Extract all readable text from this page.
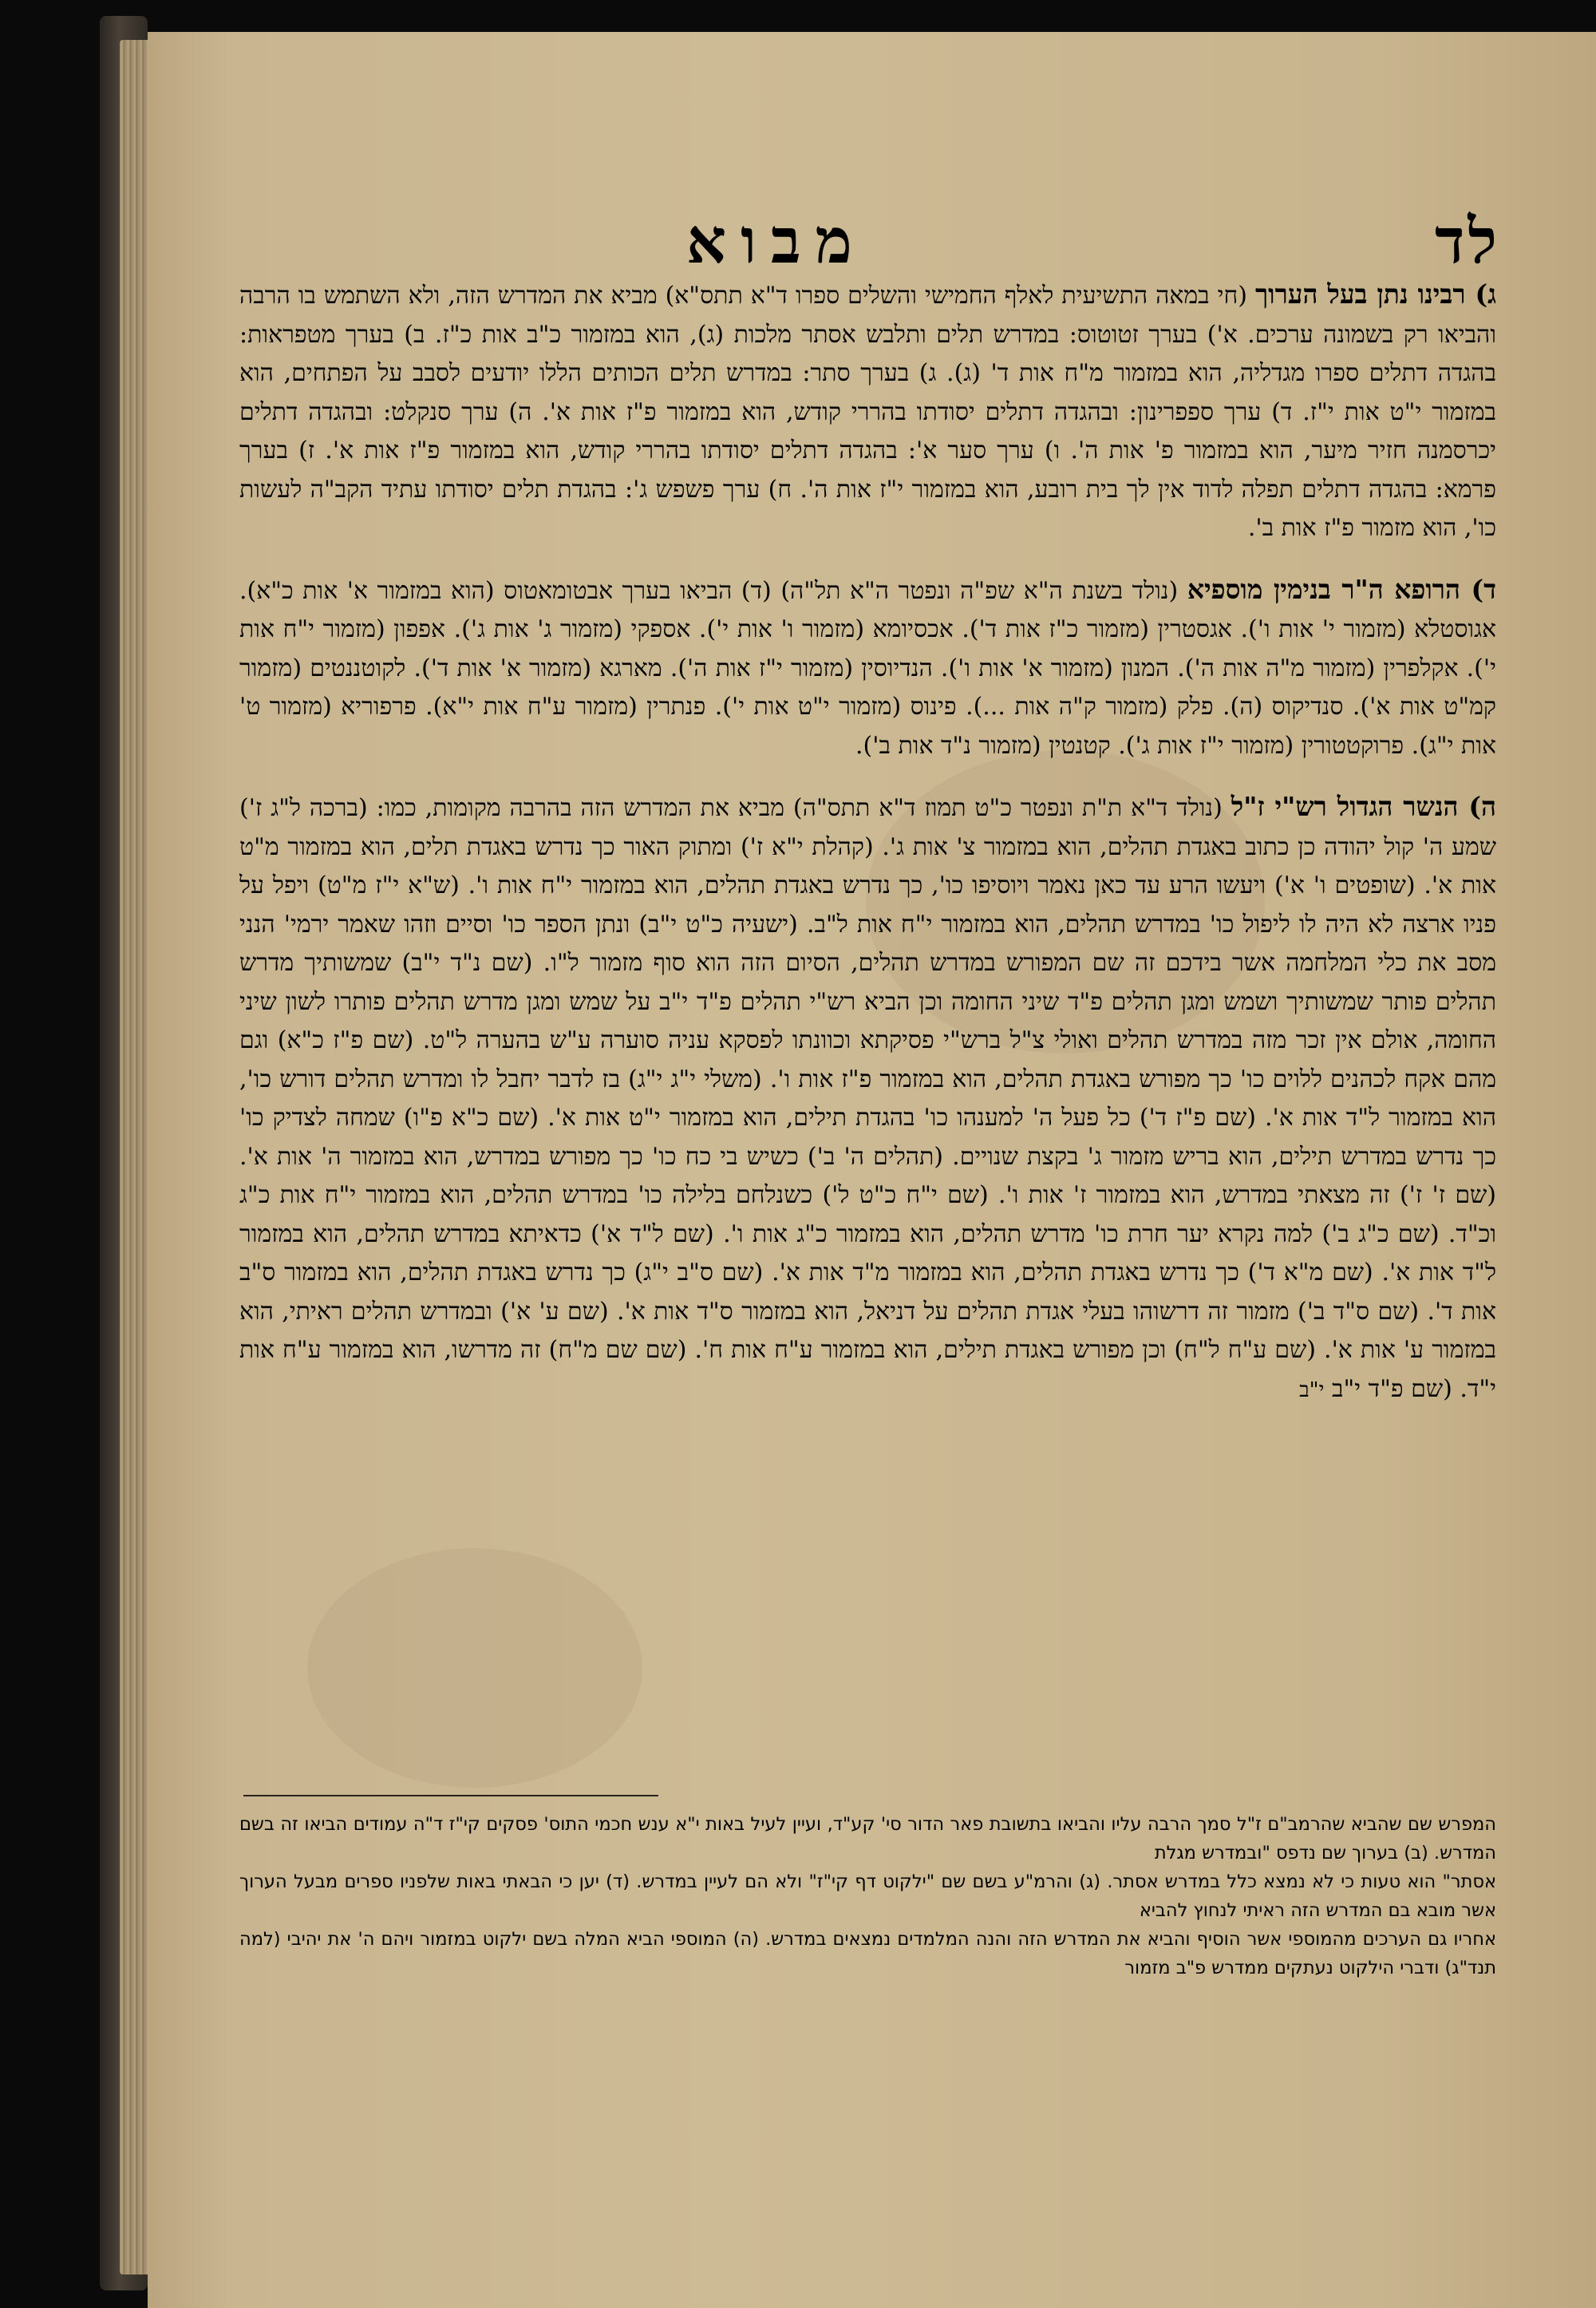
לד
מבוא

ג) רבינו נתן בעל הערוך (חי במאה התשיעית לאלף החמישי והשלים ספרו ד"א תתס"א) מביא את המדרש הזה, ולא השתמש בו הרבה והביאו רק בשמונה ערכים. א') בערך זטוטוס: במדרש תלים ותלבש אסתר מלכות (ג), הוא במזמור כ"ב אות כ"ז. ב) בערך מטפראות: בהגדה דתלים ספרו מגדליה, הוא במזמור מ"ח אות ד' (ג). ג) בערך סתר: במדרש תלים הכותים הללו יודעים לסבב על הפתחים, הוא במזמור י"ט אות י"ז. ד) ערך ספפרינון: ובהגדה דתלים יסודתו בהררי קודש, הוא במזמור פ"ז אות א'. ה) ערך סנקלט: ובהגדה דתלים יכרסמנה חזיר מיער, הוא במזמור פ' אות ה'. ו) ערך סער א': בהגדה דתלים יסודתו בהררי קודש, הוא במזמור פ"ז אות א'. ז) בערך פרמא: בהגדה דתלים תפלה לדוד אין לך בית רובע, הוא במזמור י"ז אות ה'. ח) ערך פשפש ג': בהגדת תלים יסודתו עתיד הקב"ה לעשות כו', הוא מזמור פ"ז אות ב'.

ד) הרופא ה"ר בנימין מוספיא (נולד בשנת ה"א שפ"ה ונפטר ה"א תל"ה) (ד) הביאו בערך אבטומאטוס (הוא במזמור א' אות כ"א). אגוסטלא (מזמור י' אות ו'). אגסטרין (מזמור כ"ז אות ד'). אכסיומא (מזמור ו' אות י'). אספקי (מזמור ג' אות ג'). אפפון (מזמור י"ח אות י'). אקלפרין (מזמור מ"ה אות ה'). המנון (מזמור א' אות ו'). הנדיוסין (מזמור י"ז אות ה'). מארגא (מזמור א' אות ד'). לקוטננטים (מזמור קמ"ט אות א'). סנדיקוס (ה). פלק (מזמור ק"ה אות ...). פינוס (מזמור י"ט אות י'). פנתרין (מזמור ע"ח אות י"א). פרפוריא (מזמור ט' אות י"ג). פרוקטטורין (מזמור י"ז אות ג'). קטנטין (מזמור נ"ד אות ב').

ה) הנשר הגדול רש"י ז"ל (נולד ד"א ת"ת ונפטר כ"ט תמוז ד"א תתס"ה) מביא את המדרש הזה בהרבה מקומות, כמו: (ברכה ל"ג ז') שמע ה' קול יהודה כן כתוב באגדת תהלים, הוא במזמור צ' אות ג'. (קהלת י"א ז') ומתוק האור כך נדרש באגדת תלים, הוא במזמור מ"ט אות א'. (שופטים ו' א') ויעשו הרע עד כאן נאמר ויוסיפו כו', כך נדרש באגדת תהלים, הוא במזמור י"ח אות ו'. (ש"א י"ז מ"ט) ויפל על פניו ארצה לא היה לו ליפול כו' במדרש תהלים, הוא במזמור י"ח אות ל"ב. (ישעיה כ"ט י"ב) ונתן הספר כו' וסיים וזהו שאמר ירמי' הנני מסב את כלי המלחמה אשר בידכם זה שם המפורש במדרש תהלים, הסיום הזה הוא סוף מזמור ל"ו. (שם נ"ד י"ב) שמשותיך מדרש תהלים פותר שמשותיך ושמש ומגן תהלים פ"ד שיני החומה וכן הביא רש"י תהלים פ"ד י"ב על שמש ומגן מדרש תהלים פותרו לשון שיני החומה, אולם אין זכר מזה במדרש תהלים ואולי צ"ל ברש"י פסיקתא וכוונתו לפסקא עניה סוערה ע"ש בהערה ל"ט. (שם פ"ז כ"א) וגם מהם אקח לכהנים ללוים כו' כך מפורש באגדת תהלים, הוא במזמור פ"ז אות ו'. (משלי י"ג י"ג) בז לדבר יחבל לו ומדרש תהלים דורש כו', הוא במזמור ל"ד אות א'. (שם פ"ז ד') כל פעל ה' למענהו כו' בהגדת תילים, הוא במזמור י"ט אות א'. (שם כ"א פ"ו) שמחה לצדיק כו' כך נדרש במדרש תילים, הוא בריש מזמור ג' בקצת שנויים. (תהלים ה' ב') כשיש בי כח כו' כך מפורש במדרש, הוא במזמור ה' אות א'. (שם ז' ז') זה מצאתי במדרש, הוא במזמור ז' אות ו'. (שם י"ח כ"ט ל') כשנלחם בלילה כו' במדרש תהלים, הוא במזמור י"ח אות כ"ג וכ"ד. (שם כ"ג ב') למה נקרא יער חרת כו' מדרש תהלים, הוא במזמור כ"ג אות ו'. (שם ל"ד א') כדאיתא במדרש תהלים, הוא במזמור ל"ד אות א'. (שם מ"א ד') כך נדרש באגדת תהלים, הוא במזמור מ"ד אות א'. (שם ס"ב י"ג) כך נדרש באגדת תהלים, הוא במזמור ס"ב אות ד'. (שם ס"ד ב') מזמור זה דרשוהו בעלי אגדת תהלים על דניאל, הוא במזמור ס"ד אות א'. (שם ע' א') ובמדרש תהלים ראיתי, הוא במזמור ע' אות א'. (שם ע"ח ל"ח) וכן מפורש באגדת תילים, הוא במזמור ע"ח אות ח'. (שם שם מ"ח) זה מדרשו, הוא במזמור ע"ח אות י"ד. (שם פ"ד י"ב י"ב

המפרש שם שהביא שהרמב"ם ז"ל סמך הרבה עליו והביאו בתשובת פאר הדור סי' קע"ד, ועיין לעיל באות י"א ענש חכמי התוס' פסקים קי"ז ד"ה עמודים הביאו זה בשם המדרש. (ב) בערוך שם נדפס "ובמדרש מגלת

אסתר" הוא טעות כי לא נמצא כלל במדרש אסתר. (ג) והרמ"ע בשם שם "ילקוט דף קי"ז" ולא הם לעיין במדרש. (ד) יען כי הבאתי באות שלפניו ספרים מבעל הערוך אשר מובא בם המדרש הזה ראיתי לנחוץ להביא

אחריו גם הערכים מהמוספי אשר הוסיף והביא את המדרש הזה והנה המלמדים נמצאים במדרש. (ה) המוספי הביא המלה בשם ילקוט במזמור ויהם ה' את יהיבי (למה תנד"ג) ודברי הילקוט נעתקים ממדרש פ"ב מזמור
